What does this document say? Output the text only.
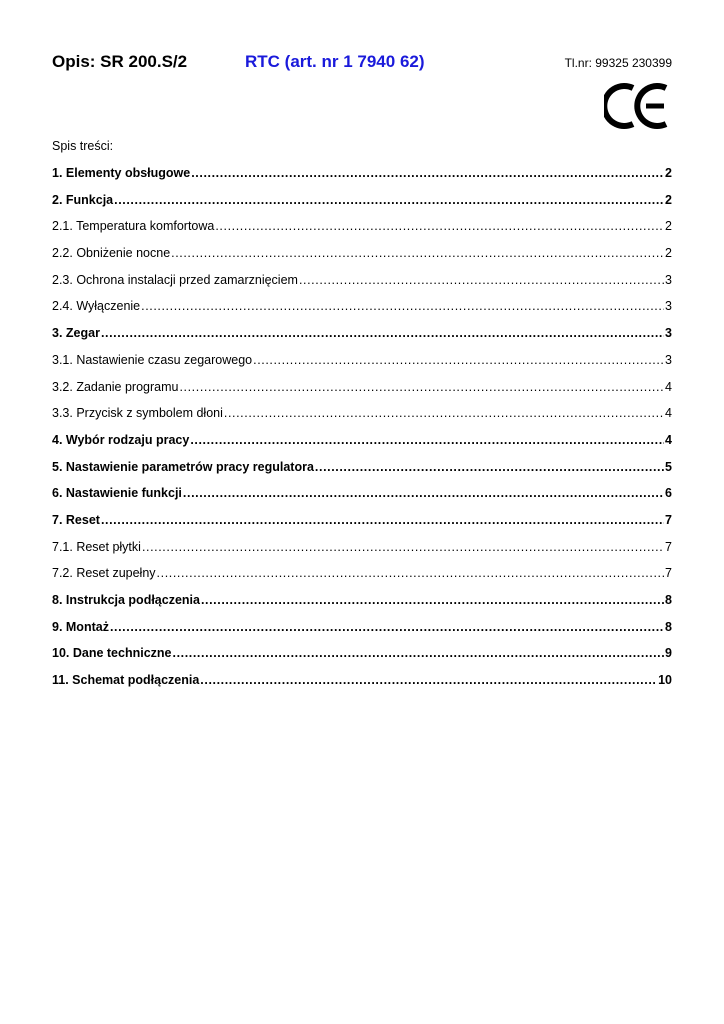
Opis: SR 200.S/2	RTC (art. nr 1 7940 62)	Tl.nr: 99325 230399
Spis treści:
1. Elementy obsługowe .....	2
2. Funkcja .....	2
2.1. Temperatura komfortowa .....	2
2.2. Obniżenie nocne .....	2
2.3. Ochrona instalacji przed zamarznięciem .....	3
2.4. Wyłączenie .....	3
3. Zegar .....	3
3.1. Nastawienie czasu zegarowego .....	3
3.2. Zadanie programu .....	4
3.3. Przycisk z symbolem dłoni .....	4
4. Wybór rodzaju pracy .....	4
5. Nastawienie parametrów pracy regulatora .....	5
6. Nastawienie funkcji .....	6
7. Reset .....	7
7.1. Reset płytki .....	7
7.2. Reset zupełny .....	7
8. Instrukcja podłączenia .....	8
9. Montaż .....	8
10. Dane techniczne .....	9
11. Schemat podłączenia .....	10
